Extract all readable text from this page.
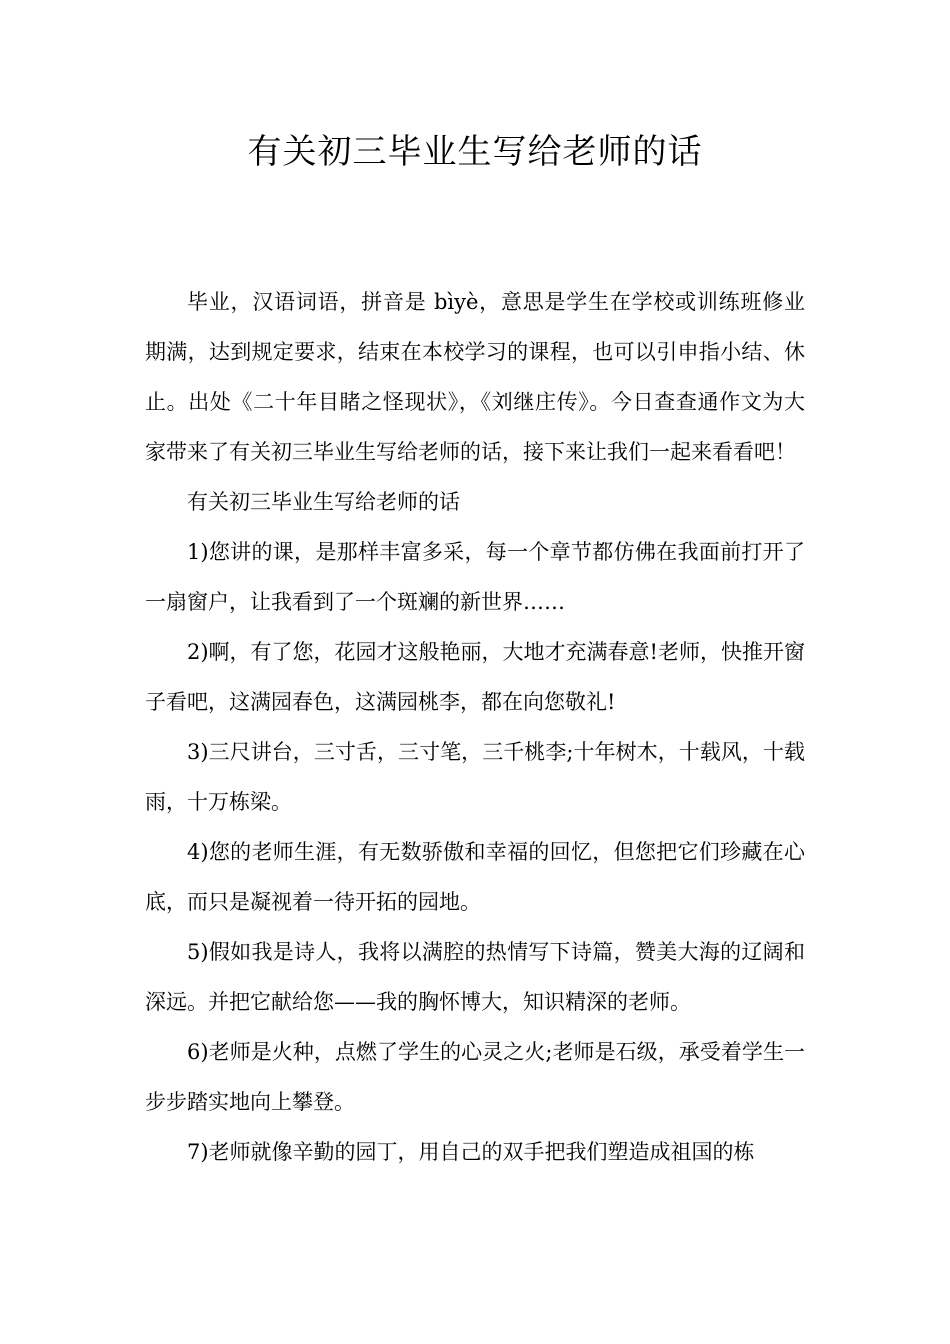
有关初三毕业生写给老师的话

毕业，汉语词语，拼音是 bìyè，意思是学生在学校或训练班修业期满，达到规定要求，结束在本校学习的课程，也可以引申指小结、休止。出处《二十年目睹之怪现状》，《刘继庄传》。今日查查通作文为大家带来了有关初三毕业生写给老师的话，接下来让我们一起来看看吧！

有关初三毕业生写给老师的话

1)您讲的课，是那样丰富多采，每一个章节都仿佛在我面前打开了一扇窗户，让我看到了一个斑斓的新世界……

2)啊，有了您，花园才这般艳丽，大地才充满春意!老师，快推开窗子看吧，这满园春色，这满园桃李，都在向您敬礼!

3)三尺讲台，三寸舌，三寸笔，三千桃李;十年树木，十载风，十载雨，十万栋梁。

4)您的老师生涯，有无数骄傲和幸福的回忆，但您把它们珍藏在心底，而只是凝视着一待开拓的园地。

5)假如我是诗人，我将以满腔的热情写下诗篇，赞美大海的辽阔和深远。并把它献给您——我的胸怀博大，知识精深的老师。

6)老师是火种，点燃了学生的心灵之火;老师是石级，承受着学生一步步踏实地向上攀登。

7)老师就像辛勤的园丁，用自己的双手把我们塑造成祖国的栋
